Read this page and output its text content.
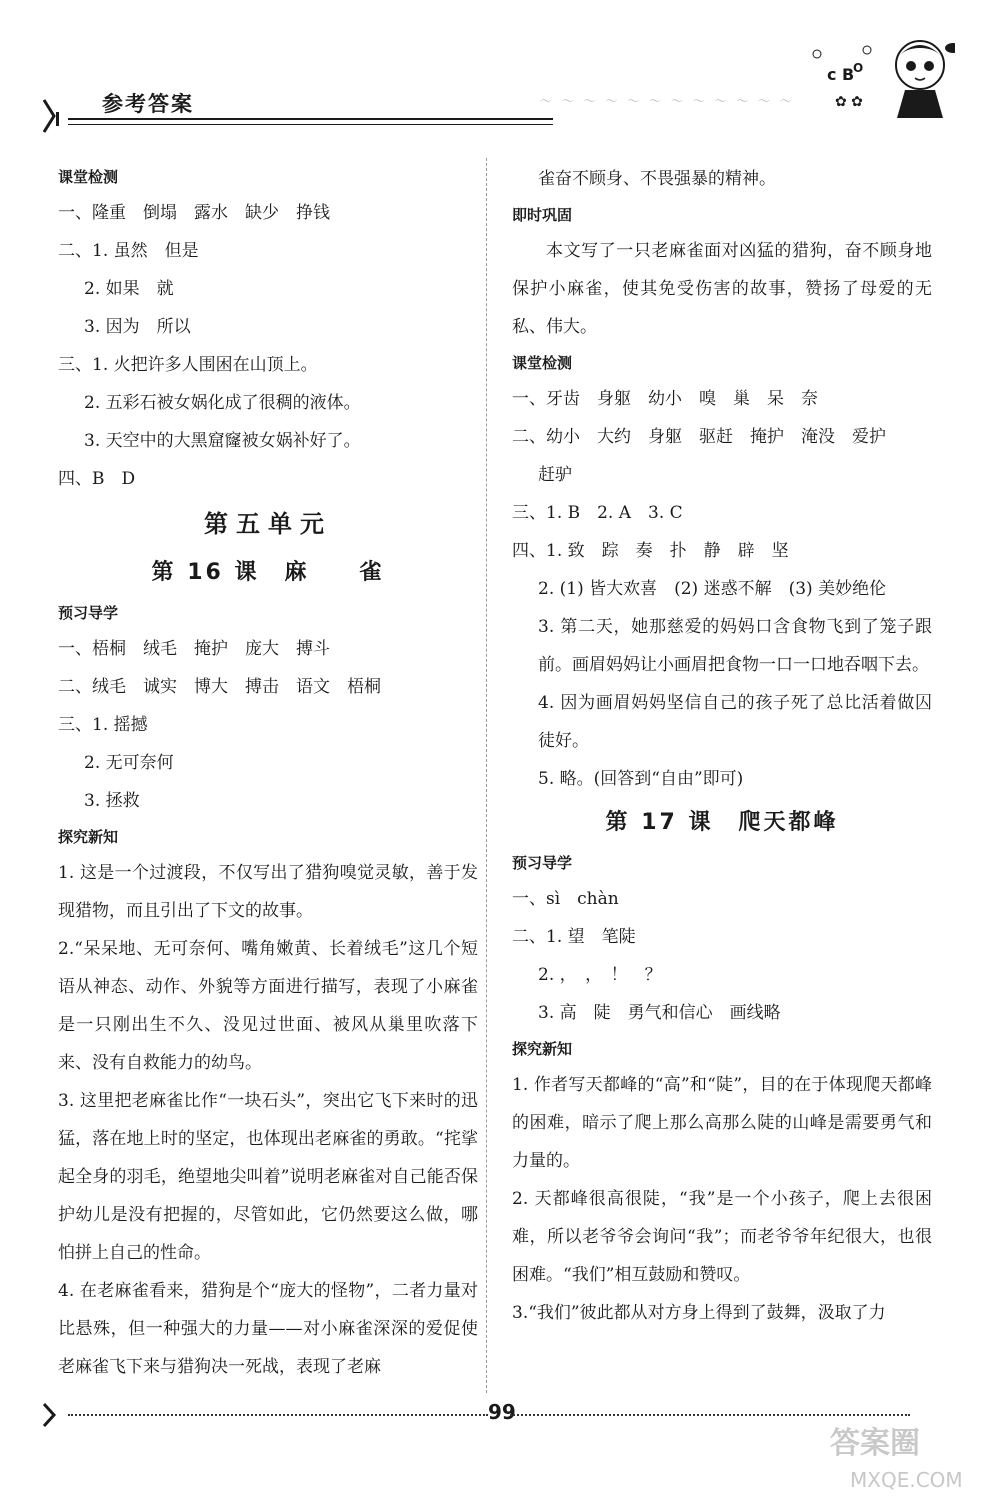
参考答案	～ ～ ～ ～ ～ ～ ～ ～ ～ ～ ～ ～
c B
O
✿ ✿
课堂检测
一、隆重　倒塌　露水　缺少　挣钱
二、1. 虽然　但是
2. 如果　就
3. 因为　所以
三、1. 火把许多人围困在山顶上。
2. 五彩石被女娲化成了很稠的液体。
3. 天空中的大黑窟窿被女娲补好了。
四、B　D
第五单元
第 16 课　麻　　雀
预习导学
一、梧桐　绒毛　掩护　庞大　搏斗
二、绒毛　诚实　博大　搏击　语文　梧桐
三、1. 摇撼
2. 无可奈何
3. 拯救
探究新知
1. 这是一个过渡段，不仅写出了猎狗嗅觉灵敏，善于发现猎物，而且引出了下文的故事。
2.“呆呆地、无可奈何、嘴角嫩黄、长着绒毛”这几个短语从神态、动作、外貌等方面进行描写，表现了小麻雀是一只刚出生不久、没见过世面、被风从巢里吹落下来、没有自救能力的幼鸟。
3. 这里把老麻雀比作“一块石头”，突出它飞下来时的迅猛，落在地上时的坚定，也体现出老麻雀的勇敢。“挓挲起全身的羽毛，绝望地尖叫着”说明老麻雀对自己能否保护幼儿是没有把握的，尽管如此，它仍然要这么做，哪怕拼上自己的性命。
4. 在老麻雀看来，猎狗是个“庞大的怪物”，二者力量对比悬殊，但一种强大的力量——对小麻雀深深的爱促使老麻雀飞下来与猎狗决一死战，表现了老麻
雀奋不顾身、不畏强暴的精神。
即时巩固
本文写了一只老麻雀面对凶猛的猎狗，奋不顾身地保护小麻雀，使其免受伤害的故事，赞扬了母爱的无私、伟大。
课堂检测
一、牙齿　身躯　幼小　嗅　巢　呆　奈
二、幼小　大约　身躯　驱赶　掩护　淹没　爱护
赶驴
三、1. B　2. A　3. C
四、1. 致　踪　奏　扑　静　辟　坚
2. (1) 皆大欢喜　(2) 迷惑不解　(3) 美妙绝伦
3. 第二天，她那慈爱的妈妈口含食物飞到了笼子跟前。画眉妈妈让小画眉把食物一口一口地吞咽下去。
4. 因为画眉妈妈坚信自己的孩子死了总比活着做囚徒好。
5. 略。(回答到“自由”即可)
第 17 课　爬天都峰
预习导学
一、sì　chàn
二、1. 望　笔陡
2. ，　，　！　？
3. 高　陡　勇气和信心　画线略
探究新知
1. 作者写天都峰的“高”和“陡”，目的在于体现爬天都峰的困难，暗示了爬上那么高那么陡的山峰是需要勇气和力量的。
2. 天都峰很高很陡，“我”是一个小孩子，爬上去很困难，所以老爷爷会询问“我”；而老爷爷年纪很大，也很困难。“我们”相互鼓励和赞叹。
3.“我们”彼此都从对方身上得到了鼓舞，汲取了力
99
答案圈
MXQE.COM
